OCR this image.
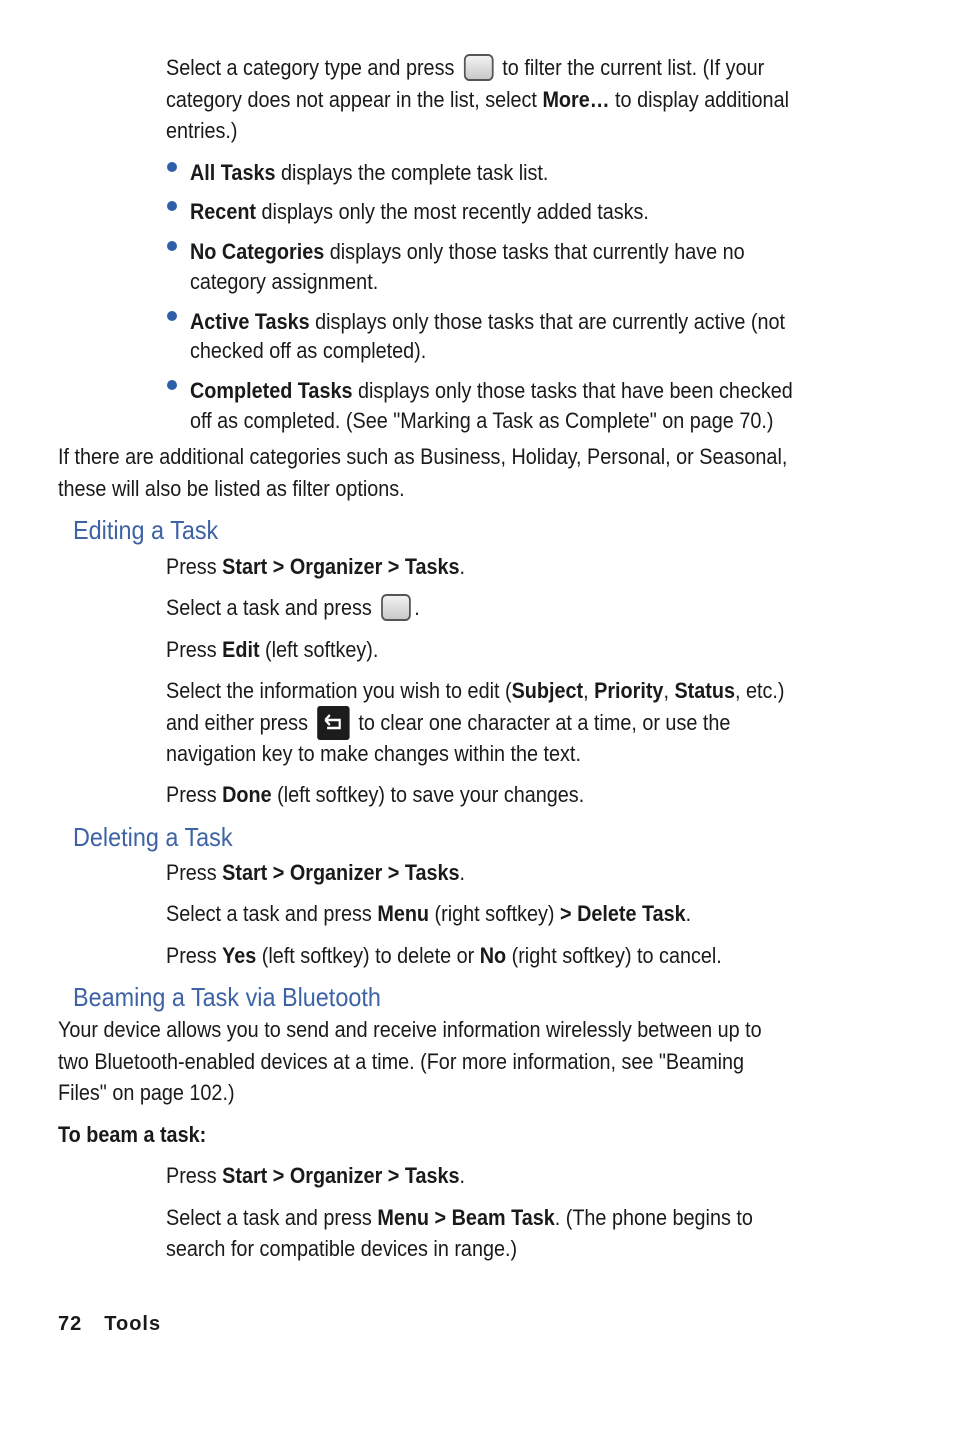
Select a category type and press to filter the current list. (If your
category does not appear in the list, select More… to display additional
entries.)
All Tasks displays the complete task list.
Recent displays only the most recently added tasks.
No Categories displays only those tasks that currently have no
category assignment.
Active Tasks displays only those tasks that are currently active (not
checked off as completed).
Completed Tasks displays only those tasks that have been checked
off as completed. (See "Marking a Task as Complete" on page 70.)
If there are additional categories such as Business, Holiday, Personal, or Seasonal,
these will also be listed as filter options.
Editing a Task
Press Start > Organizer > Tasks.
Select a task and press .
Press Edit (left softkey).
Select the information you wish to edit (Subject, Priority, Status, etc.)
and either press to clear one character at a time, or use the
navigation key to make changes within the text.
Press Done (left softkey) to save your changes.
Deleting a Task
Press Start > Organizer > Tasks.
Select a task and press Menu (right softkey) > Delete Task.
Press Yes (left softkey) to delete or No (right softkey) to cancel.
Beaming a Task via Bluetooth
Your device allows you to send and receive information wirelessly between up to
two Bluetooth-enabled devices at a time. (For more information, see "Beaming
Files" on page 102.)
To beam a task:
Press Start > Organizer > Tasks.
Select a task and press Menu > Beam Task. (The phone begins to
search for compatible devices in range.)
72 Tools
